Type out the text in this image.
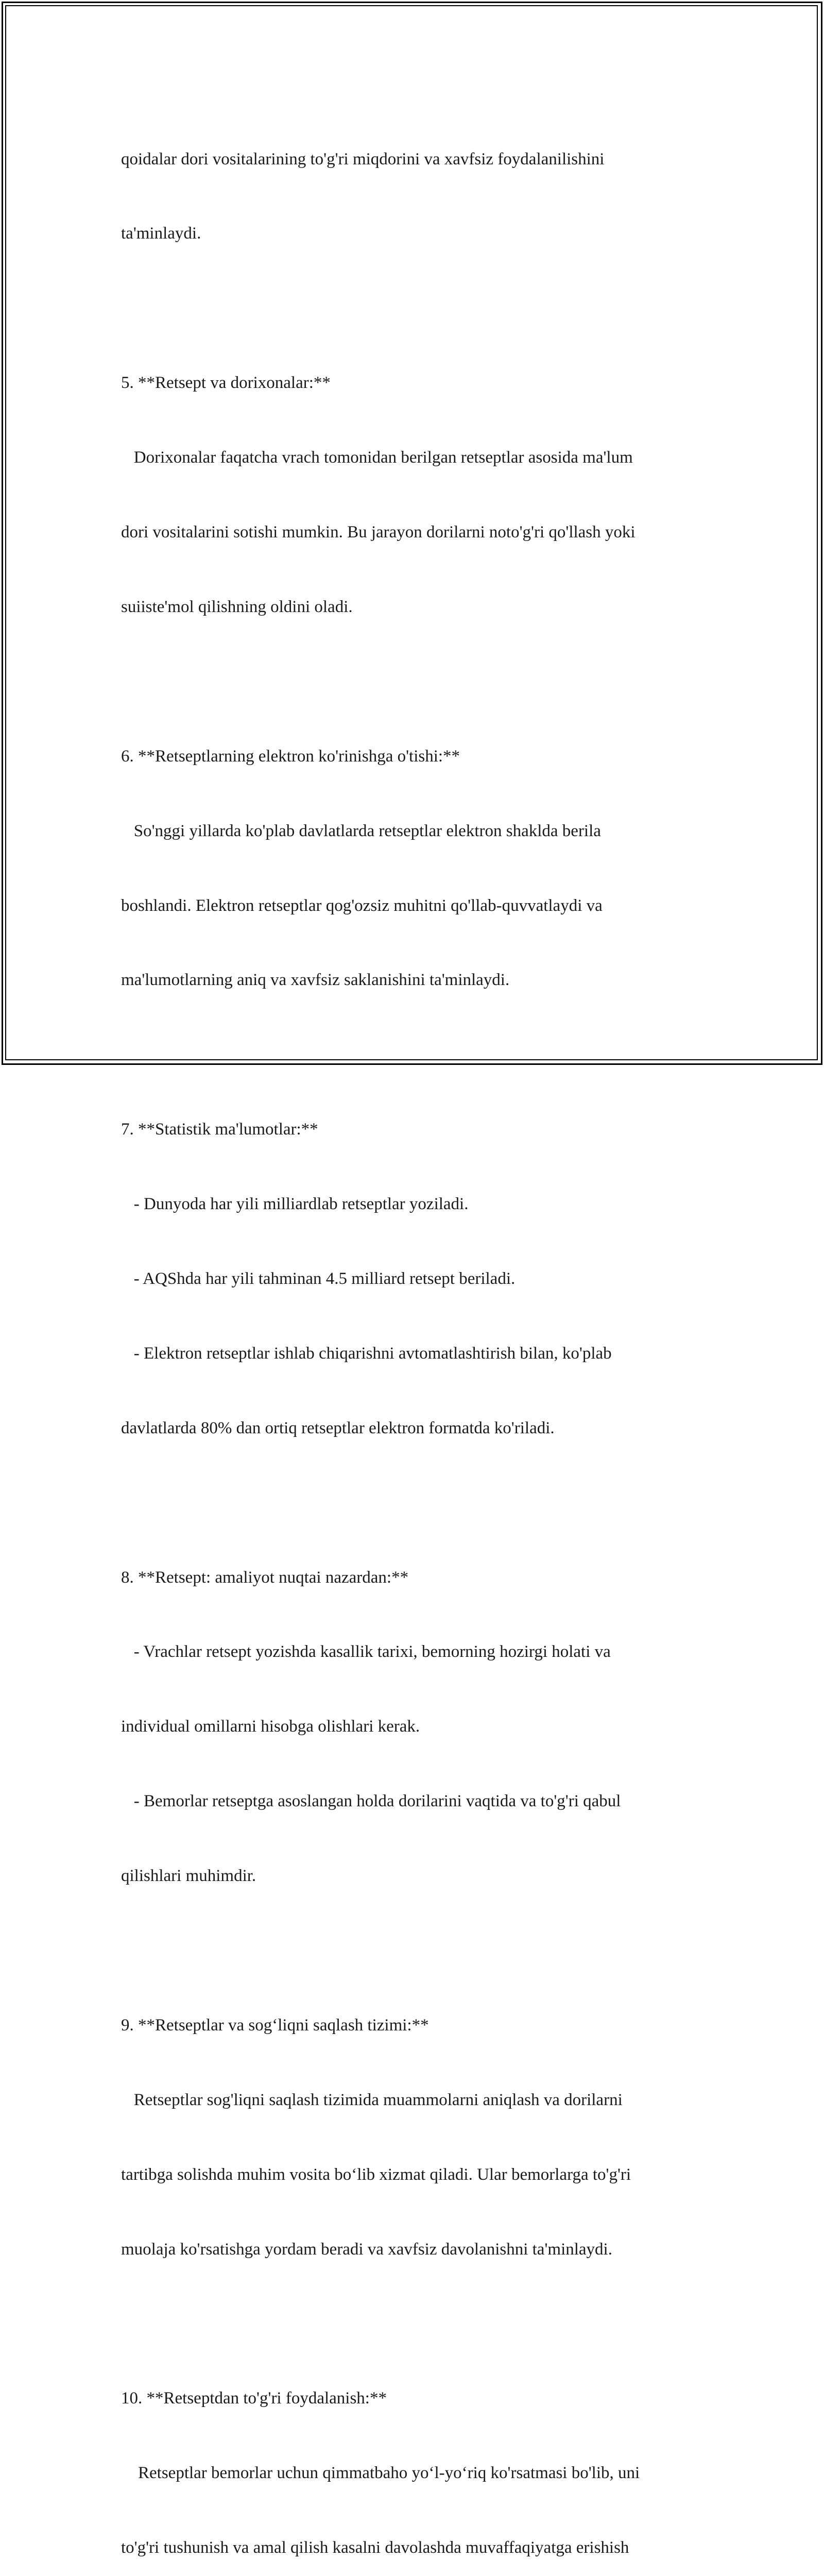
qoidalar dori vositalarining to'g'ri miqdorini va xavfsiz foydalanilishini

ta'minlaydi.

5. **Retsept va dorixonalar:**

Dorixonalar faqatcha vrach tomonidan berilgan retseptlar asosida ma'lum

dori vositalarini sotishi mumkin. Bu jarayon dorilarni noto'g'ri qo'llash yoki

suiiste'mol qilishning oldini oladi.

6. **Retseptlarning elektron ko'rinishga o'tishi:**

So'nggi yillarda ko'plab davlatlarda retseptlar elektron shaklda berila

boshlandi. Elektron retseptlar qog'ozsiz muhitni qo'llab-quvvatlaydi va

ma'lumotlarning aniq va xavfsiz saklanishini ta'minlaydi.

7. **Statistik ma'lumotlar:**

- Dunyoda har yili milliardlab retseptlar yoziladi.

- AQShda har yili tahminan 4.5 milliard retsept beriladi.

- Elektron retseptlar ishlab chiqarishni avtomatlashtirish bilan, ko'plab

davlatlarda 80% dan ortiq retseptlar elektron formatda ko'riladi.

8. **Retsept: amaliyot nuqtai nazardan:**

- Vrachlar retsept yozishda kasallik tarixi, bemorning hozirgi holati va

individual omillarni hisobga olishlari kerak.

- Bemorlar retseptga asoslangan holda dorilarini vaqtida va to'g'ri qabul

qilishlari muhimdir.

9. **Retseptlar va sog‘liqni saqlash tizimi:**

Retseptlar sog'liqni saqlash tizimida muammolarni aniqlash va dorilarni

tartibga solishda muhim vosita bo‘lib xizmat qiladi. Ular bemorlarga to'g'ri

muolaja ko'rsatishga yordam beradi va xavfsiz davolanishni ta'minlaydi.

10. **Retseptdan to'g'ri foydalanish:**

Retseptlar bemorlar uchun qimmatbaho yo‘l-yo‘riq ko'rsatmasi bo'lib, uni

to'g'ri tushunish va amal qilish kasalni davolashda muvaffaqiyatga erishish
